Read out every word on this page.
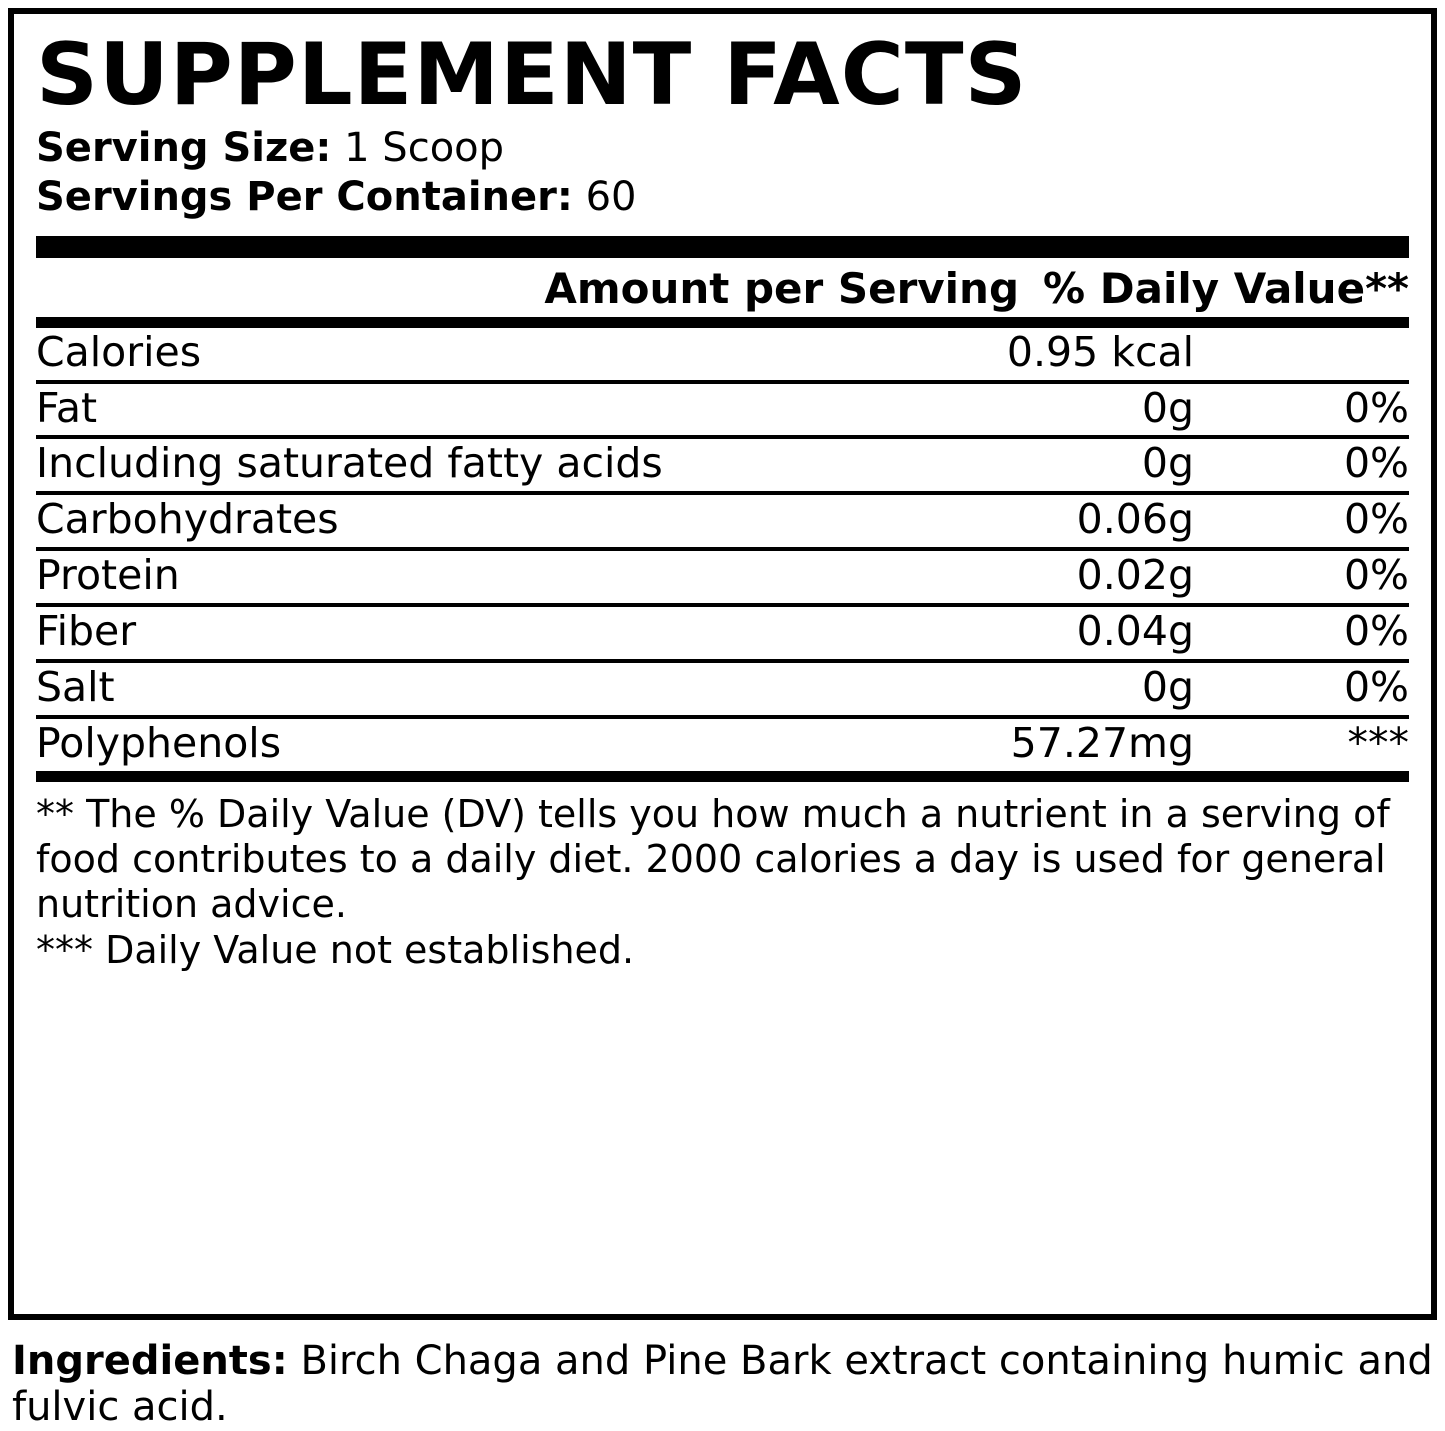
SUPPLEMENT FACTS
Serving Size: 1 Scoop
Servings Per Container: 60
Amount per Serving % Daily Value**
Calories	0.95 kcal	
Fat	0g	0%
Including saturated fatty acids	0g	0%
Carbohydrates	0.06g	0%
Protein	0.02g	0%
Fiber	0.04g	0%
Salt	0g	0%
Polyphenols	57.27mg	***

** The % Daily Value (DV) tells you how much a nutrient in a serving of food contributes to a daily diet. 2000 calories a day is used for general nutrition advice.

*** Daily Value not established.

Ingredients: Birch Chaga and Pine Bark extract containing humic and fulvic acid.
